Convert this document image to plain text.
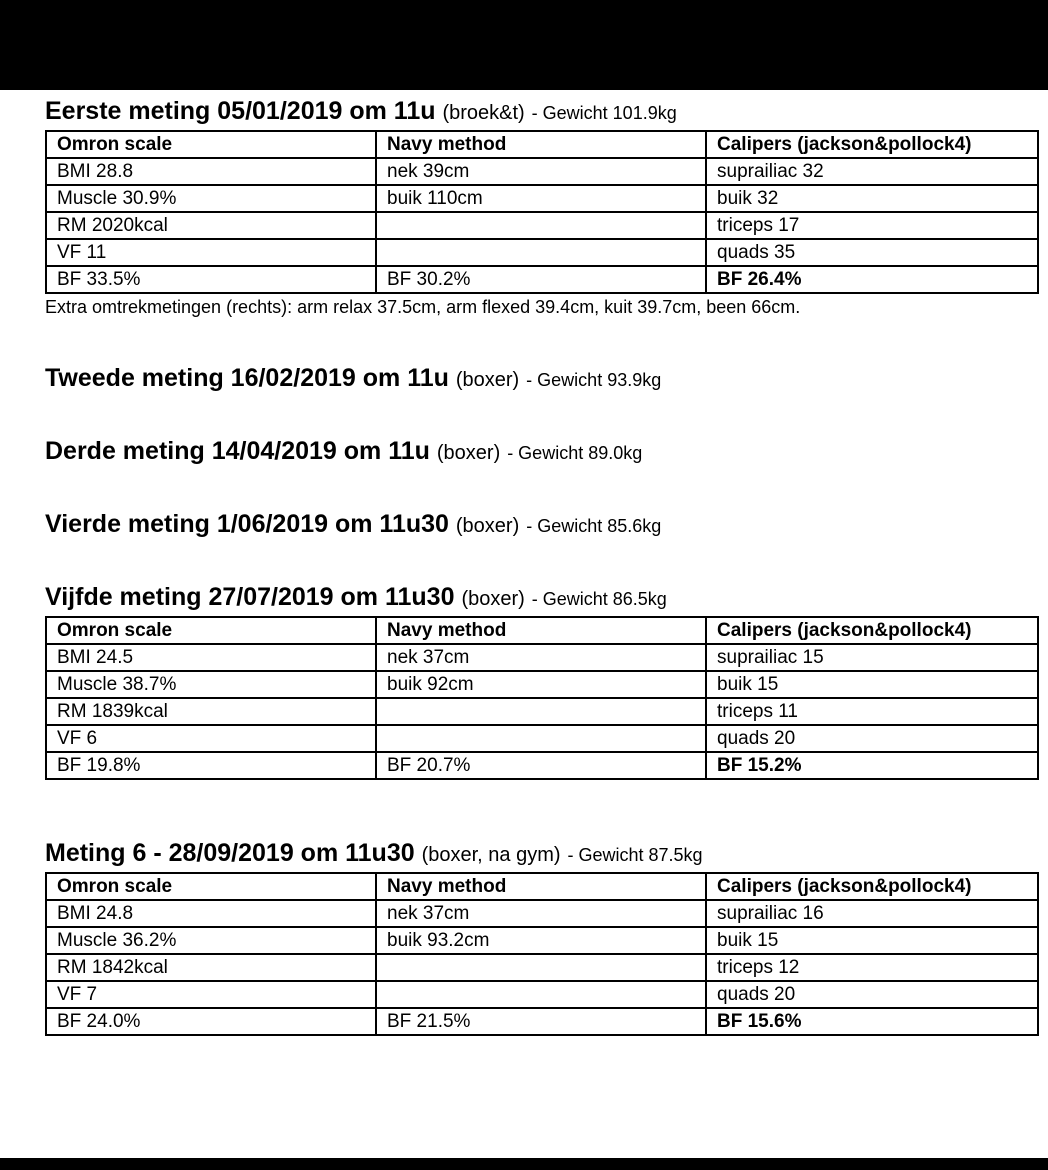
Eerste meting 05/01/2019 om 11u (broek&t) - Gewicht 101.9kg
Omron scale	Navy method	Calipers (jackson&pollock4)
BMI 28.8	nek 39cm	suprailiac 32
Muscle 30.9%	buik 110cm	buik 32
RM 2020kcal		triceps 17
VF 11		quads 35
BF 33.5%	BF 30.2%	BF 26.4%
Extra omtrekmetingen (rechts): arm relax 37.5cm, arm flexed 39.4cm, kuit 39.7cm, been 66cm.
Tweede meting 16/02/2019 om 11u (boxer) - Gewicht 93.9kg
Derde meting 14/04/2019 om 11u (boxer) - Gewicht 89.0kg
Vierde meting 1/06/2019 om 11u30 (boxer) - Gewicht 85.6kg
Vijfde meting 27/07/2019 om 11u30 (boxer) - Gewicht 86.5kg
Omron scale	Navy method	Calipers (jackson&pollock4)
BMI 24.5	nek 37cm	suprailiac 15
Muscle 38.7%	buik 92cm	buik 15
RM 1839kcal		triceps 11
VF 6		quads 20
BF 19.8%	BF 20.7%	BF 15.2%
Meting 6 - 28/09/2019 om 11u30 (boxer, na gym) - Gewicht 87.5kg
Omron scale	Navy method	Calipers (jackson&pollock4)
BMI 24.8	nek 37cm	suprailiac 16
Muscle 36.2%	buik 93.2cm	buik 15
RM 1842kcal		triceps 12
VF 7		quads 20
BF 24.0%	BF 21.5%	BF 15.6%
